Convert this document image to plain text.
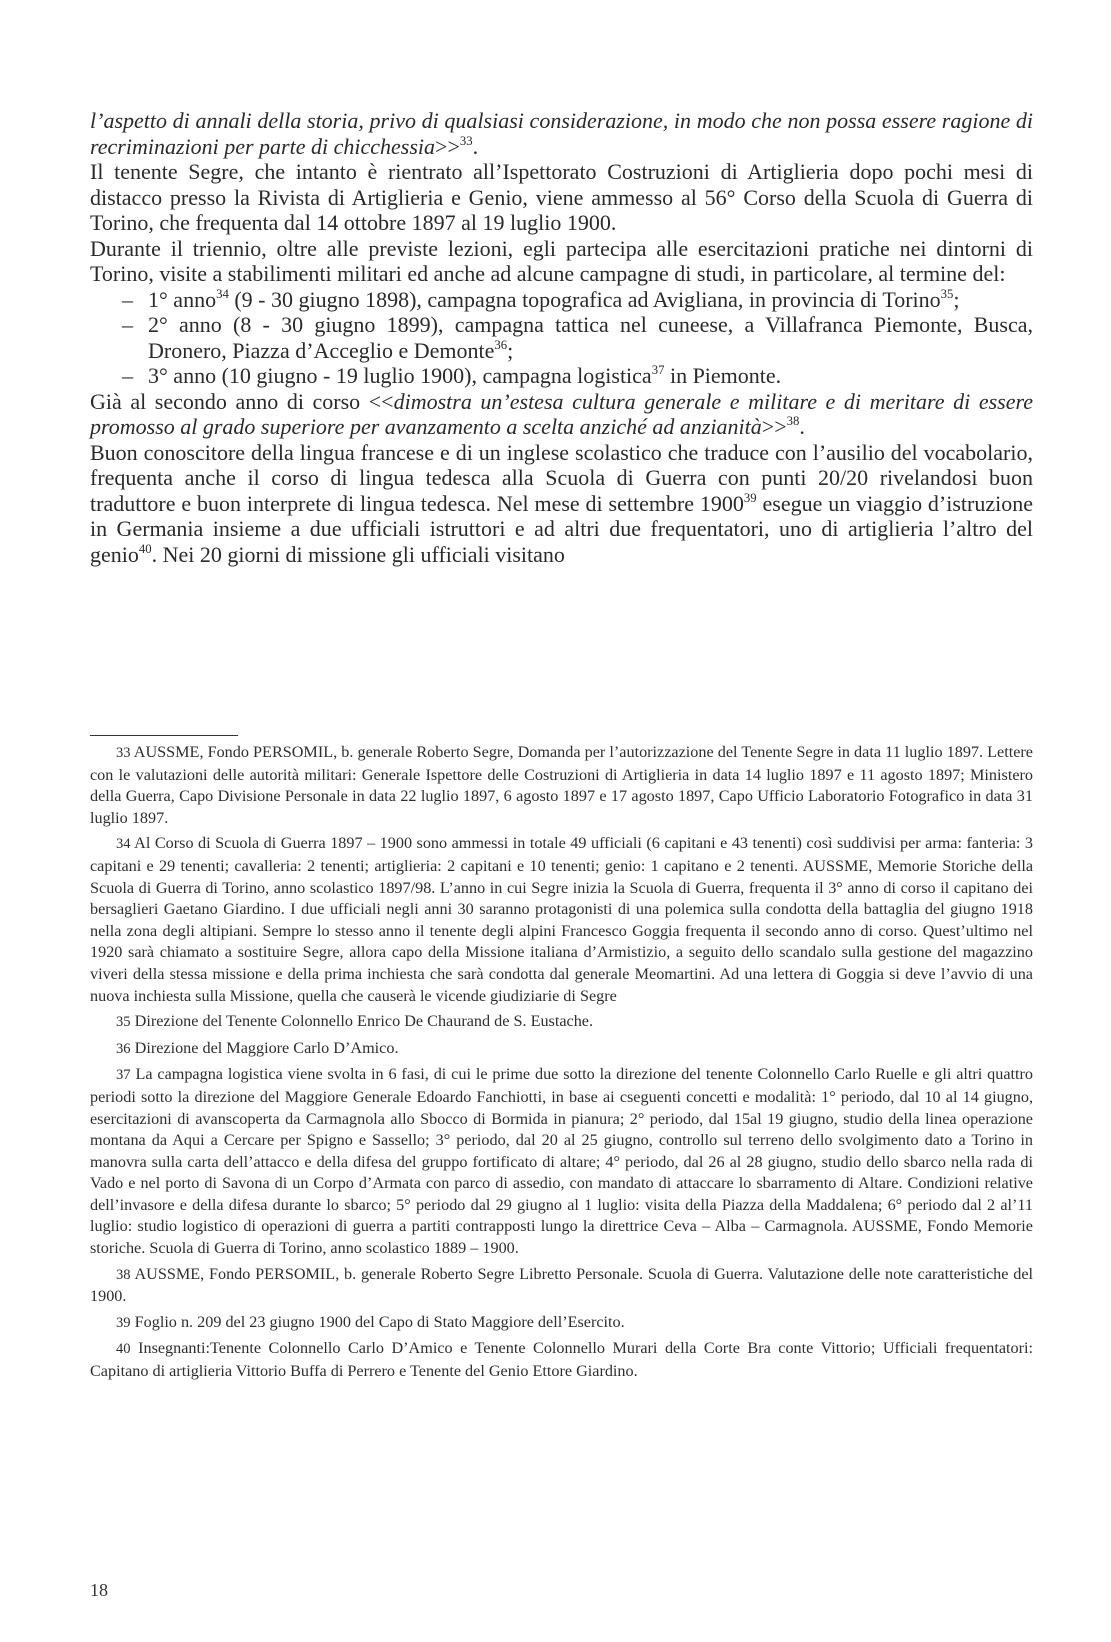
l’aspetto di annali della storia, privo di qualsiasi considerazione, in modo che non possa essere ragione di recriminazioni per parte di chicchessia>>$^{33}$.

Il tenente Segre, che intanto è rientrato all’Ispettorato Costruzioni di Artiglieria dopo pochi mesi di distacco presso la Rivista di Artiglieria e Genio, viene ammesso al 56° Corso della Scuola di Guerra di Torino, che frequenta dal 14 ottobre 1897 al 19 luglio 1900.

Durante il triennio, oltre alle previste lezioni, egli partecipa alle esercitazioni pratiche nei dintorni di Torino, visite a stabilimenti militari ed anche ad alcune campagne di studi, in particolare, al termine del:

– 1° anno$^{34}$ (9 - 30 giugno 1898), campagna topografica ad Avigliana, in provincia di Torino$^{35}$;
– 2° anno (8 - 30 giugno 1899), campagna tattica nel cuneese, a Villafranca Piemonte, Busca, Dronero, Piazza d’Acceglio e Demonte$^{36}$;
– 3° anno (10 giugno - 19 luglio 1900), campagna logistica$^{37}$ in Piemonte.

Già al secondo anno di corso <<dimostra un’estesa cultura generale e militare e di meritare di essere promosso al grado superiore per avanzamento a scelta anziché ad anzianità>>$^{38}$.

Buon conoscitore della lingua francese e di un inglese scolastico che traduce con l’ausilio del vocabolario, frequenta anche il corso di lingua tedesca alla Scuola di Guerra con punti 20/20 rivelandosi buon traduttore e buon interprete di lingua tedesca. Nel mese di settembre 1900$^{39}$ esegue un viaggio d’istruzione in Germania insieme a due ufficiali istruttori e ad altri due frequentatori, uno di artiglieria l’altro del genio$^{40}$. Nei 20 giorni di missione gli ufficiali visitano

33 AUSSME, Fondo PERSOMIL, b. generale Roberto Segre, Domanda per l’autorizzazione del Tenente Segre in data 11 luglio 1897. Lettere con le valutazioni delle autorità militari: Generale Ispettore delle Costruzioni di Artiglieria in data 14 luglio 1897 e 11 agosto 1897; Ministero della Guerra, Capo Divisione Personale in data 22 luglio 1897, 6 agosto 1897 e 17 agosto 1897, Capo Ufficio Laboratorio Fotografico in data 31 luglio 1897.

34 Al Corso di Scuola di Guerra 1897 – 1900 sono ammessi in totale 49 ufficiali (6 capitani e 43 tenenti) così suddivisi per arma: fanteria: 3 capitani e 29 tenenti; cavalleria: 2 tenenti; artiglieria: 2 capitani e 10 tenenti; genio: 1 capitano e 2 tenenti. AUSSME, Memorie Storiche della Scuola di Guerra di Torino, anno scolastico 1897/98. L’anno in cui Segre inizia la Scuola di Guerra, frequenta il 3° anno di corso il capitano dei bersaglieri Gaetano Giardino. I due ufficiali negli anni 30 saranno protagonisti di una polemica sulla condotta della battaglia del giugno 1918 nella zona degli altipiani. Sempre lo stesso anno il tenente degli alpini Francesco Goggia frequenta il secondo anno di corso. Quest’ultimo nel 1920 sarà chiamato a sostituire Segre, allora capo della Missione italiana d’Armistizio, a seguito dello scandalo sulla gestione del magazzino viveri della stessa missione e della prima inchiesta che sarà condotta dal generale Meomartini. Ad una lettera di Goggia si deve l’avvio di una nuova inchiesta sulla Missione, quella che causerà le vicende giudiziarie di Segre

35 Direzione del Tenente Colonnello Enrico De Chaurand de S. Eustache.

36 Direzione del Maggiore Carlo D’Amico.

37 La campagna logistica viene svolta in 6 fasi, di cui le prime due sotto la direzione del tenente Colonnello Carlo Ruelle e gli altri quattro periodi sotto la direzione del Maggiore Generale Edoardo Fanchiotti, in base ai cseguenti concetti e modalità: 1° periodo, dal 10 al 14 giugno, esercitazioni di avanscoperta da Carmagnola allo Sbocco di Bormida in pianura; 2° periodo, dal 15al 19 giugno, studio della linea operazione montana da Aqui a Cercare per Spigno e Sassello; 3° periodo, dal 20 al 25 giugno, controllo sul terreno dello svolgimento dato a Torino in manovra sulla carta dell’attacco e della difesa del gruppo fortificato di altare; 4° periodo, dal 26 al 28 giugno, studio dello sbarco nella rada di Vado e nel porto di Savona di un Corpo d’Armata con parco di assedio, con mandato di attaccare lo sbarramento di Altare. Condizioni relative dell’invasore e della difesa durante lo sbarco; 5° periodo dal 29 giugno al 1 luglio: visita della Piazza della Maddalena; 6° periodo dal 2 al’11 luglio: studio logistico di operazioni di guerra a partiti contrapposti lungo la direttrice Ceva – Alba – Carmagnola. AUSSME, Fondo Memorie storiche. Scuola di Guerra di Torino, anno scolastico 1889 – 1900.

38 AUSSME, Fondo PERSOMIL, b. generale Roberto Segre Libretto Personale. Scuola di Guerra. Valutazione delle note caratteristiche del 1900.

39 Foglio n. 209 del 23 giugno 1900 del Capo di Stato Maggiore dell’Esercito.

40 Insegnanti:Tenente Colonnello Carlo D’Amico e Tenente Colonnello Murari della Corte Bra conte Vittorio; Ufficiali frequentatori: Capitano di artiglieria Vittorio Buffa di Perrero e Tenente del Genio Ettore Giardino.

18
